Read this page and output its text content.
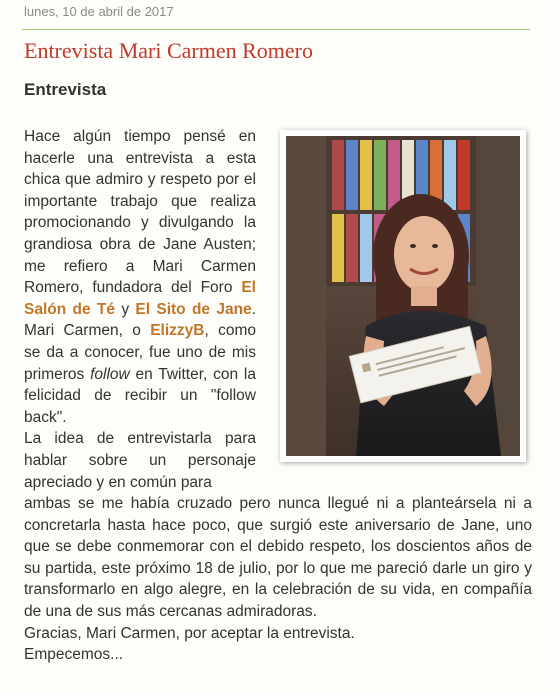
lunes, 10 de abril de 2017
Entrevista Mari Carmen Romero
Entrevista

Hace algún tiempo pensé en hacerle una entrevista a esta chica que admiro y respeto por el importante trabajo que realiza promocionando y divulgando la grandiosa obra de Jane Austen; me refiero a Mari Carmen Romero, fundadora del Foro El Salón de Té y El Sito de Jane. Mari Carmen, o ElizzyB, como se da a conocer, fue uno de mis primeros follow en Twitter, con la felicidad de recibir un "follow back".

La idea de entrevistarla para hablar sobre un personaje apreciado y en común para

ambas se me había cruzado pero nunca llegué ni a planteársela ni a concretarla hasta hace poco, que surgió este aniversario de Jane, uno que se debe conmemorar con el debido respeto, los doscientos años de su partida, este próximo 18 de julio, por lo que me pareció darle un giro y transformarlo en algo alegre, en la celebración de su vida, en compañía de una de sus más cercanas admiradoras.

Gracias, Mari Carmen, por aceptar la entrevista.

Empecemos...
